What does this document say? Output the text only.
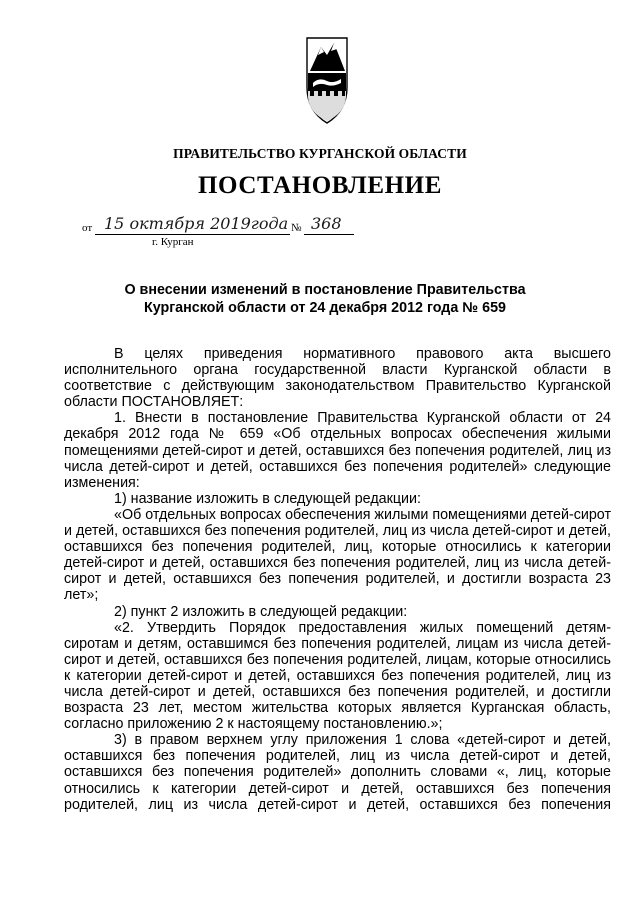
ПРАВИТЕЛЬСТВО КУРГАНСКОЙ ОБЛАСТИ
ПОСТАНОВЛЕНИЕ
от 15 октября 2019года № 368
г. Курган
О внесении изменений в постановление Правительства Курганской области от 24 декабря 2012 года № 659

В целях приведения нормативного правового акта высшего исполнительного органа государственной власти Курганской области в соответствие с действующим законодательством Правительство Курганской области ПОСТАНОВЛЯЕТ:

1. Внести в постановление Правительства Курганской области от 24 декабря 2012 года № 659 «Об отдельных вопросах обеспечения жилыми помещениями детей-сирот и детей, оставшихся без попечения родителей, лиц из числа детей-сирот и детей, оставшихся без попечения родителей» следующие изменения:

1) название изложить в следующей редакции:

«Об отдельных вопросах обеспечения жилыми помещениями детей-сирот и детей, оставшихся без попечения родителей, лиц из числа детей-сирот и детей, оставшихся без попечения родителей, лиц, которые относились к категории детей-сирот и детей, оставшихся без попечения родителей, лиц из числа детей-сирот и детей, оставшихся без попечения родителей, и достигли возраста 23 лет»;

2) пункт 2 изложить в следующей редакции:

«2. Утвердить Порядок предоставления жилых помещений детям-сиротам и детям, оставшимся без попечения родителей, лицам из числа детей-сирот и детей, оставшихся без попечения родителей, лицам, которые относились к категории детей-сирот и детей, оставшихся без попечения родителей, лиц из числа детей-сирот и детей, оставшихся без попечения родителей, и достигли возраста 23 лет, местом жительства которых является Курганская область, согласно приложению 2 к настоящему постановлению.»;

3) в правом верхнем углу приложения 1 слова «детей-сирот и детей, оставшихся без попечения родителей, лиц из числа детей-сирот и детей, оставшихся без попечения родителей» дополнить словами «, лиц, которые относились к категории детей-сирот и детей, оставшихся без попечения родителей, лиц из числа детей-сирот и детей, оставшихся без попечения
